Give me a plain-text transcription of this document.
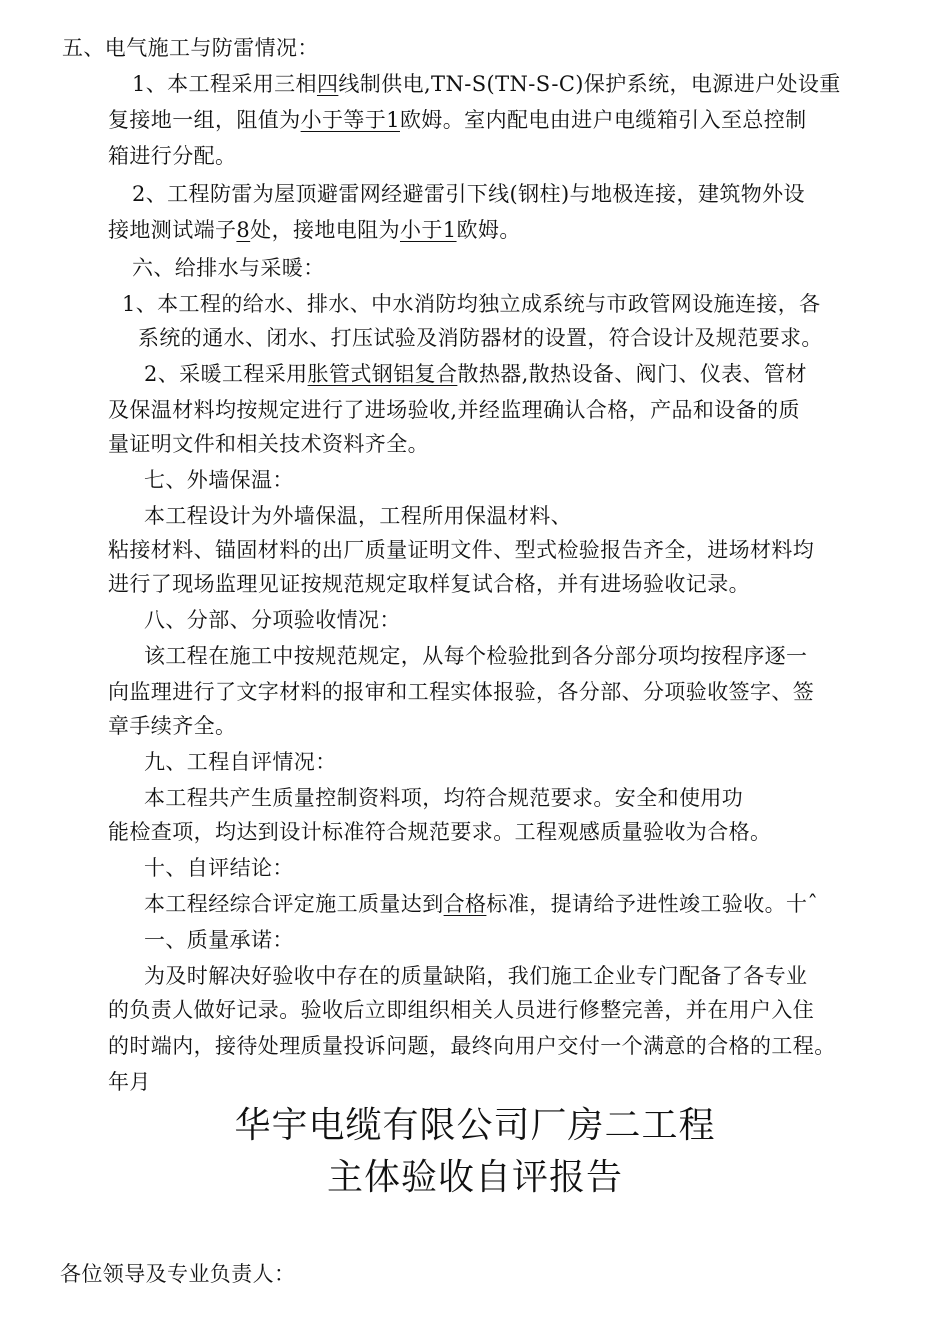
五、电气施工与防雷情况：
1、本工程采用三相四线制供电,TN-S(TN-S-C)保护系统，电源进户处设重
复接地一组，阻值为小于等于1欧姆。室内配电由进户电缆箱引入至总控制
箱进行分配。
2、工程防雷为屋顶避雷网经避雷引下线(钢柱)与地极连接，建筑物外设
接地测试端子8处，接地电阻为小于1欧姆。
六、给排水与采暖：
1、本工程的给水、排水、中水消防均独立成系统与市政管网设施连接，各
系统的通水、闭水、打压试验及消防器材的设置，符合设计及规范要求。
2、采暖工程采用胀管式钢铝复合散热器,散热设备、阀门、仪表、管材
及保温材料均按规定进行了进场验收,并经监理确认合格，产品和设备的质
量证明文件和相关技术资料齐全。
七、外墙保温：
本工程设计为外墙保温，工程所用保温材料、
粘接材料、锚固材料的出厂质量证明文件、型式检验报告齐全，进场材料均
进行了现场监理见证按规范规定取样复试合格，并有进场验收记录。
八、分部、分项验收情况：
该工程在施工中按规范规定，从每个检验批到各分部分项均按程序逐一
向监理进行了文字材料的报审和工程实体报验，各分部、分项验收签字、签
章手续齐全。
九、工程自评情况：
本工程共产生质量控制资料项，均符合规范要求。安全和使用功
能检查项，均达到设计标准符合规范要求。工程观感质量验收为合格。
十、自评结论：
本工程经综合评定施工质量达到合格标准，提请给予进性竣工验收。十ˆ
一、质量承诺：
为及时解决好验收中存在的质量缺陷，我们施工企业专门配备了各专业
的负责人做好记录。验收后立即组织相关人员进行修整完善，并在用户入住
的时端内，接待处理质量投诉问题，最终向用户交付一个满意的合格的工程。
年月
华宇电缆有限公司厂房二工程
主体验收自评报告
各位领导及专业负责人：
